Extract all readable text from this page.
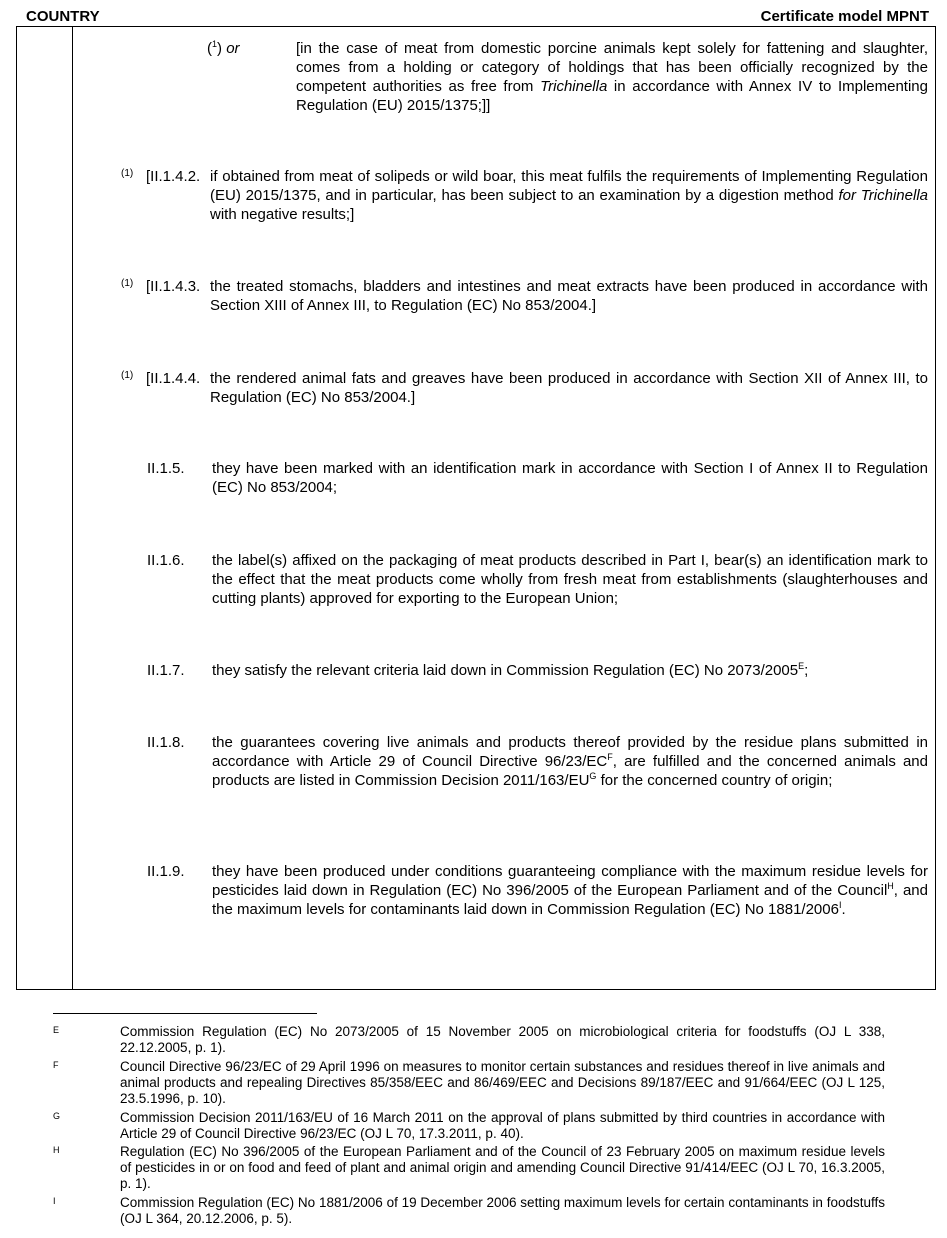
COUNTRY	Certificate model MPNT
($^1$) or	[in the case of meat from domestic porcine animals kept solely for fattening and slaughter, comes from a holding or category of holdings that has been officially recognized by the competent authorities as free from Trichinella in accordance with Annex IV to Implementing Regulation (EU) 2015/1375;]]
(1) [II.1.4.2. if obtained from meat of solipeds or wild boar, this meat fulfils the requirements of Implementing Regulation (EU) 2015/1375, and in particular, has been subject to an examination by a digestion method for Trichinella with negative results;]
(1) [II.1.4.3. the treated stomachs, bladders and intestines and meat extracts have been produced in accordance with Section XIII of Annex III, to Regulation (EC) No 853/2004.]
(1) [II.1.4.4. the rendered animal fats and greaves have been produced in accordance with Section XII of Annex III, to Regulation (EC) No 853/2004.]
II.1.5. they have been marked with an identification mark in accordance with Section I of Annex II to Regulation (EC) No 853/2004;
II.1.6. the label(s) affixed on the packaging of meat products described in Part I, bear(s) an identification mark to the effect that the meat products come wholly from fresh meat from establishments (slaughterhouses and cutting plants) approved for exporting to the European Union;
II.1.7. they satisfy the relevant criteria laid down in Commission Regulation (EC) No $2073/2005^E$;
II.1.8. the guarantees covering live animals and products thereof provided by the residue plans submitted in accordance with Article 29 of Council Directive $96/23/EC^F$, are fulfilled and the concerned animals and products are listed in Commission Decision $2011/163/EU^G$ for the concerned country of origin;
II.1.9. they have been produced under conditions guaranteeing compliance with the maximum residue levels for pesticides laid down in Regulation (EC) No 396/2005 of the European Parliament and of the Council$^H$, and the maximum levels for contaminants laid down in Commission Regulation (EC) No $1881/2006^I$.
E	Commission Regulation (EC) No 2073/2005 of 15 November 2005 on microbiological criteria for foodstuffs (OJ L 338, 22.12.2005, p. 1).
F	Council Directive 96/23/EC of 29 April 1996 on measures to monitor certain substances and residues thereof in live animals and animal products and repealing Directives 85/358/EEC and 86/469/EEC and Decisions 89/187/EEC and 91/664/EEC (OJ L 125, 23.5.1996, p. 10).
G	Commission Decision 2011/163/EU of 16 March 2011 on the approval of plans submitted by third countries in accordance with Article 29 of Council Directive 96/23/EC (OJ L 70, 17.3.2011, p. 40).
H	Regulation (EC) No 396/2005 of the European Parliament and of the Council of 23 February 2005 on maximum residue levels of pesticides in or on food and feed of plant and animal origin and amending Council Directive 91/414/EEC (OJ L 70, 16.3.2005, p. 1).
I	Commission Regulation (EC) No 1881/2006 of 19 December 2006 setting maximum levels for certain contaminants in foodstuffs (OJ L 364, 20.12.2006, p. 5).
